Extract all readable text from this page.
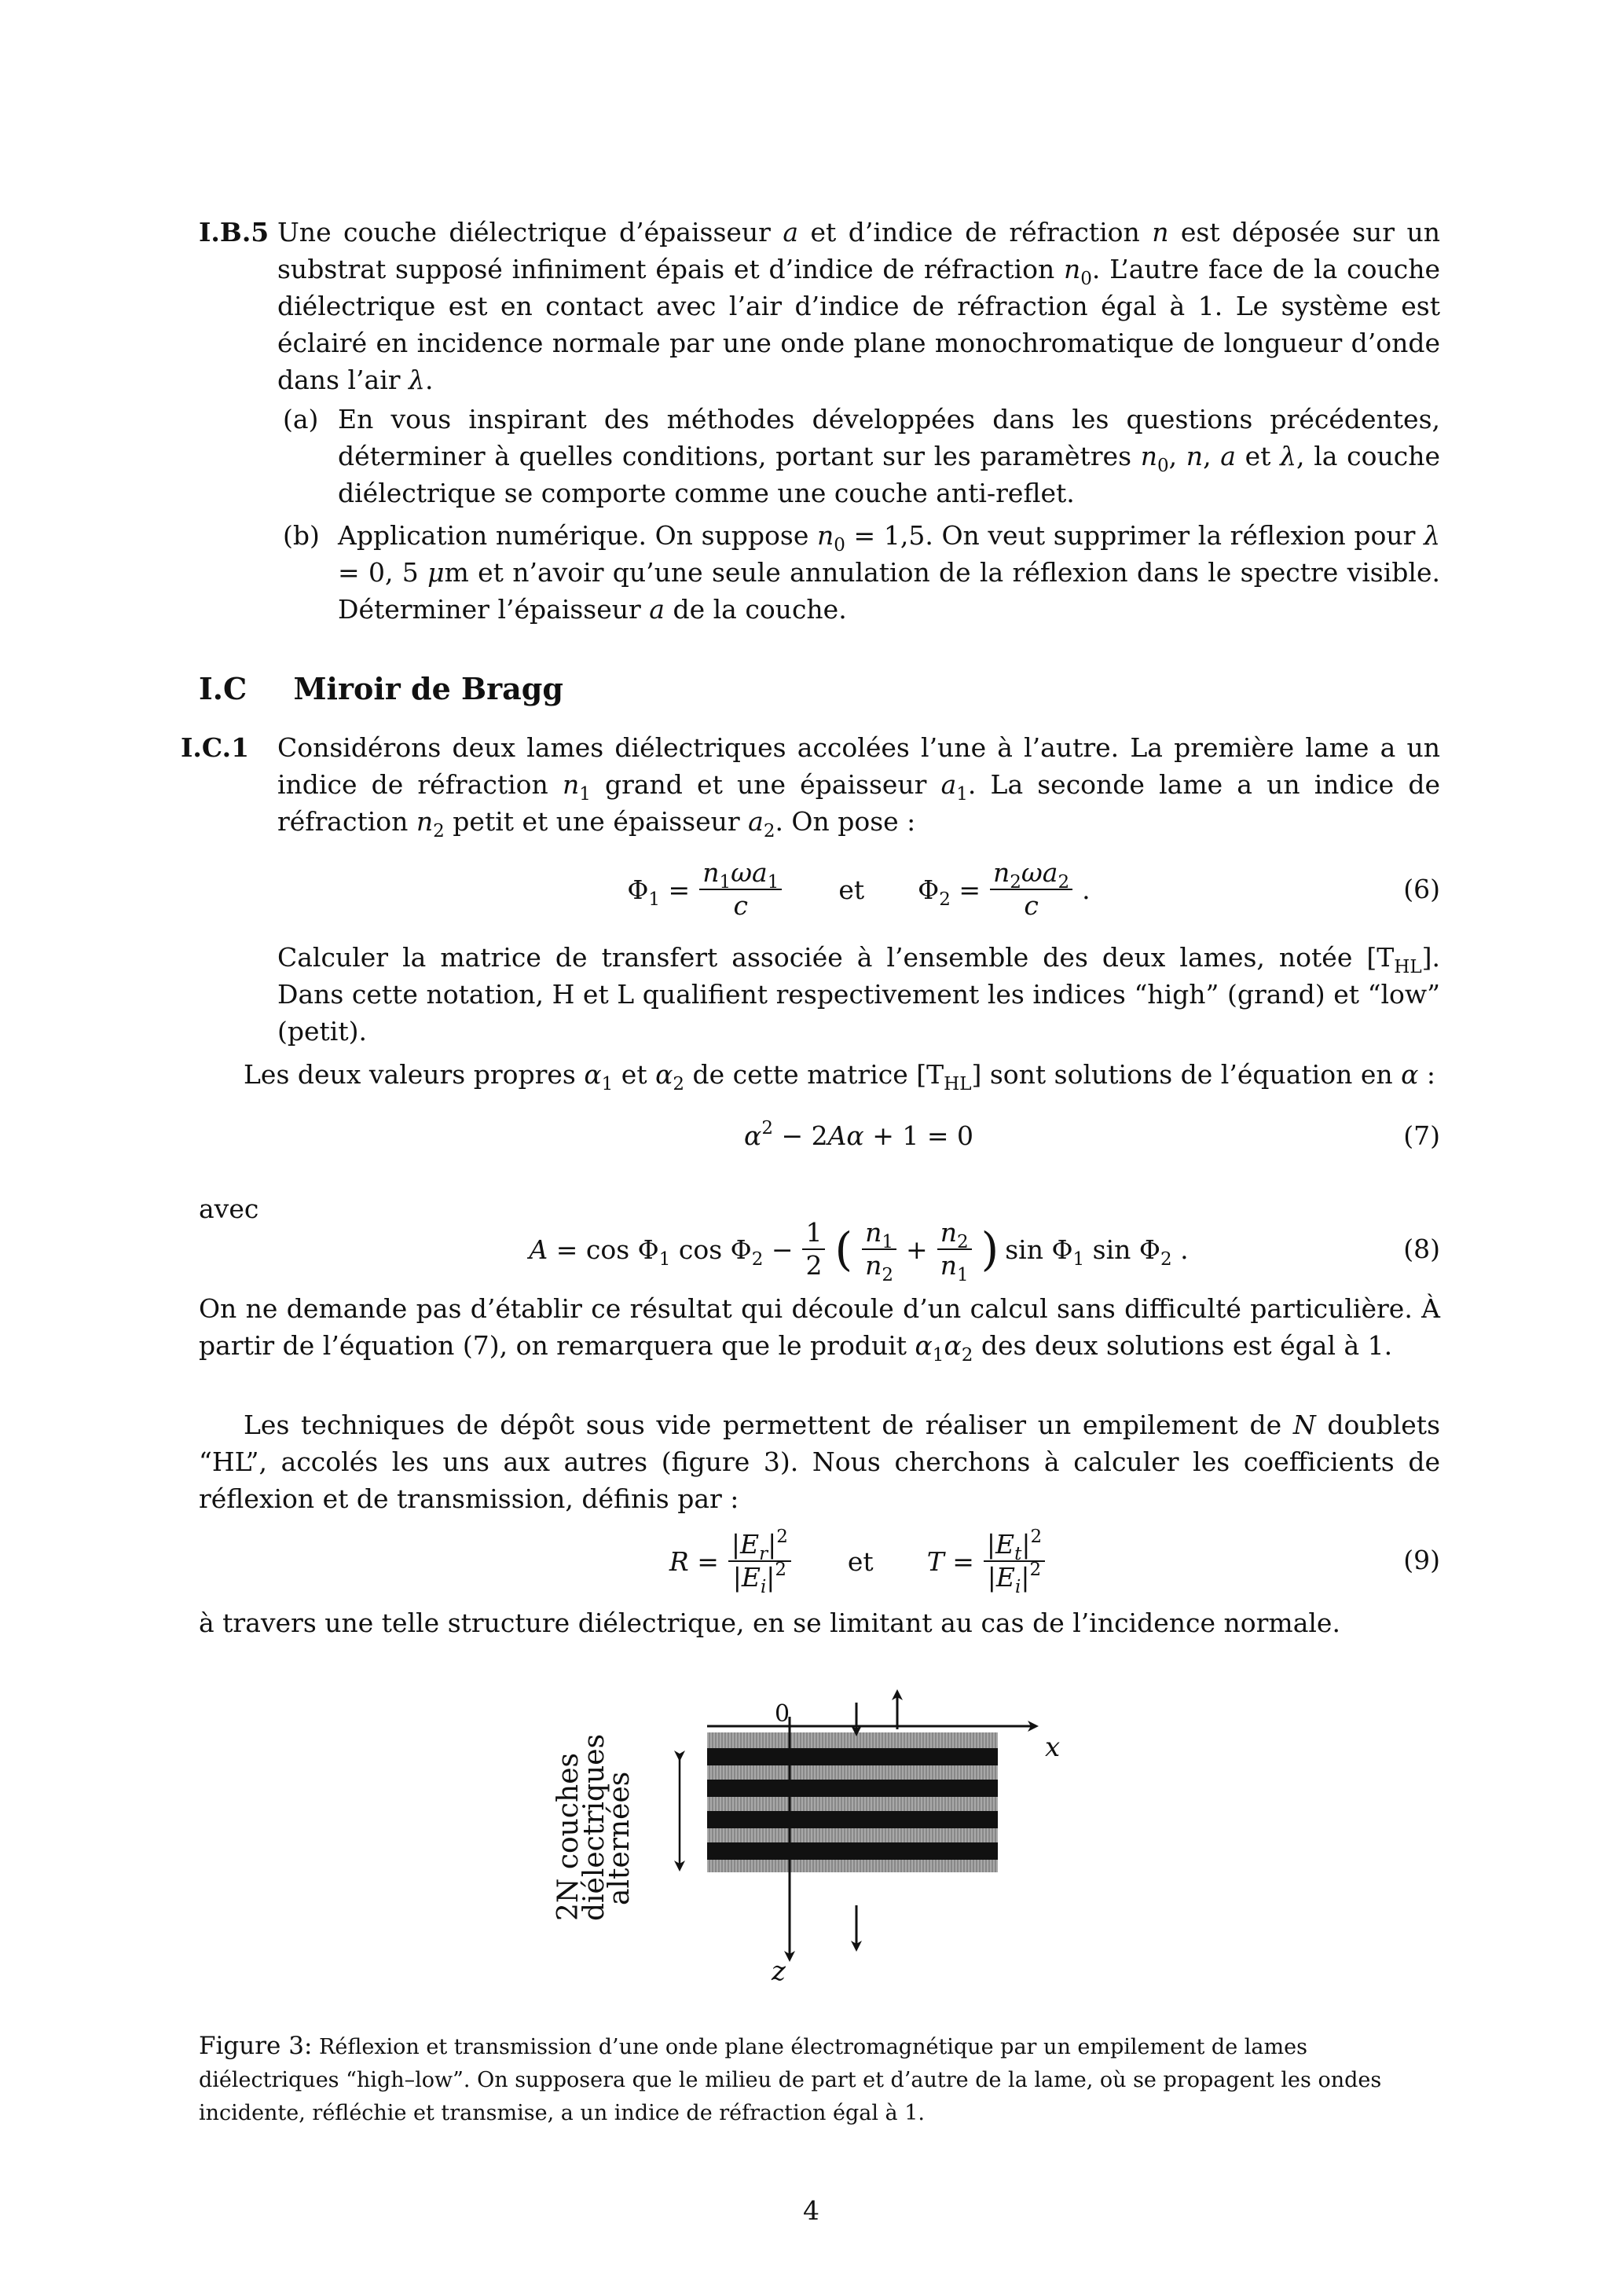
I.B.5 Une couche diélectrique d’épaisseur a et d’indice de réfraction n est déposée sur un substrat supposé infiniment épais et d’indice de réfraction $n_0$. L’autre face de la couche diélectrique est en contact avec l’air d’indice de réfraction égal à 1. Le système est éclairé en incidence normale par une onde plane monochromatique de longueur d’onde dans l’air λ.
(a) En vous inspirant des méthodes développées dans les questions précédentes, déterminer à quelles conditions, portant sur les paramètres $n_0$, n, a et λ, la couche diélectrique se comporte comme une couche anti-reflet.
(b) Application numérique. On suppose $n_0 = 1,5$. On veut supprimer la réflexion pour λ = 0, 5 μm et n’avoir qu’une seule annulation de la réflexion dans le spectre visible. Déterminer l’épaisseur a de la couche.
I.C Miroir de Bragg
I.C.1 Considérons deux lames diélectriques accolées l’une à l’autre. La première lame a un indice de réfraction $n_1$ grand et une épaisseur $a_1$. La seconde lame a un indice de réfraction $n_2$ petit et une épaisseur $a_2$. On pose :
$\Phi_1 = \frac{n_1\omega a_1}{c}$ et $\Phi_2 = \frac{n_2\omega a_2}{c}$ .	(6)
Calculer la matrice de transfert associée à l’ensemble des deux lames, notée $[T_{HL}]$. Dans cette notation, H et L qualifient respectivement les indices “high” (grand) et “low” (petit).
Les deux valeurs propres $\alpha_1$ et $\alpha_2$ de cette matrice $[T_{HL}]$ sont solutions de l’équation en α :
$\alpha^2 - 2A\alpha + 1 = 0$	(7)
avec
$A = \cos \Phi_1$ $\cos \Phi_2 - \frac{1}{2}$ ( $\frac{n_1}{n_2} + \frac{n_2}{n_1}$ ) $\sin \Phi_1$ $\sin \Phi_2$ .	(8)
On ne demande pas d’établir ce résultat qui découle d’un calcul sans difficulté particulière. À partir de l’équation (7), on remarquera que le produit $\alpha_1\alpha_2$ des deux solutions est égal à 1.
Les techniques de dépôt sous vide permettent de réaliser un empilement de N doublets “HL”, accolés les uns aux autres (figure 3). Nous cherchons à calculer les coefficients de réflexion et de transmission, définis par :
$R = \frac{|E_r|^2}{|E_i|^2}$ et $T = \frac{|E_t|^2}{|E_i|^2}$	(9)
à travers une telle structure diélectrique, en se limitant au cas de l’incidence normale.
0
x
z
2N couches
diélectriques
alternées
Figure 3: Réflexion et transmission d’une onde plane électromagnétique par un empilement de lames diélectriques “high–low”. On supposera que le milieu de part et d’autre de la lame, où se propagent les ondes incidente, réfléchie et transmise, a un indice de réfraction égal à 1.
4
